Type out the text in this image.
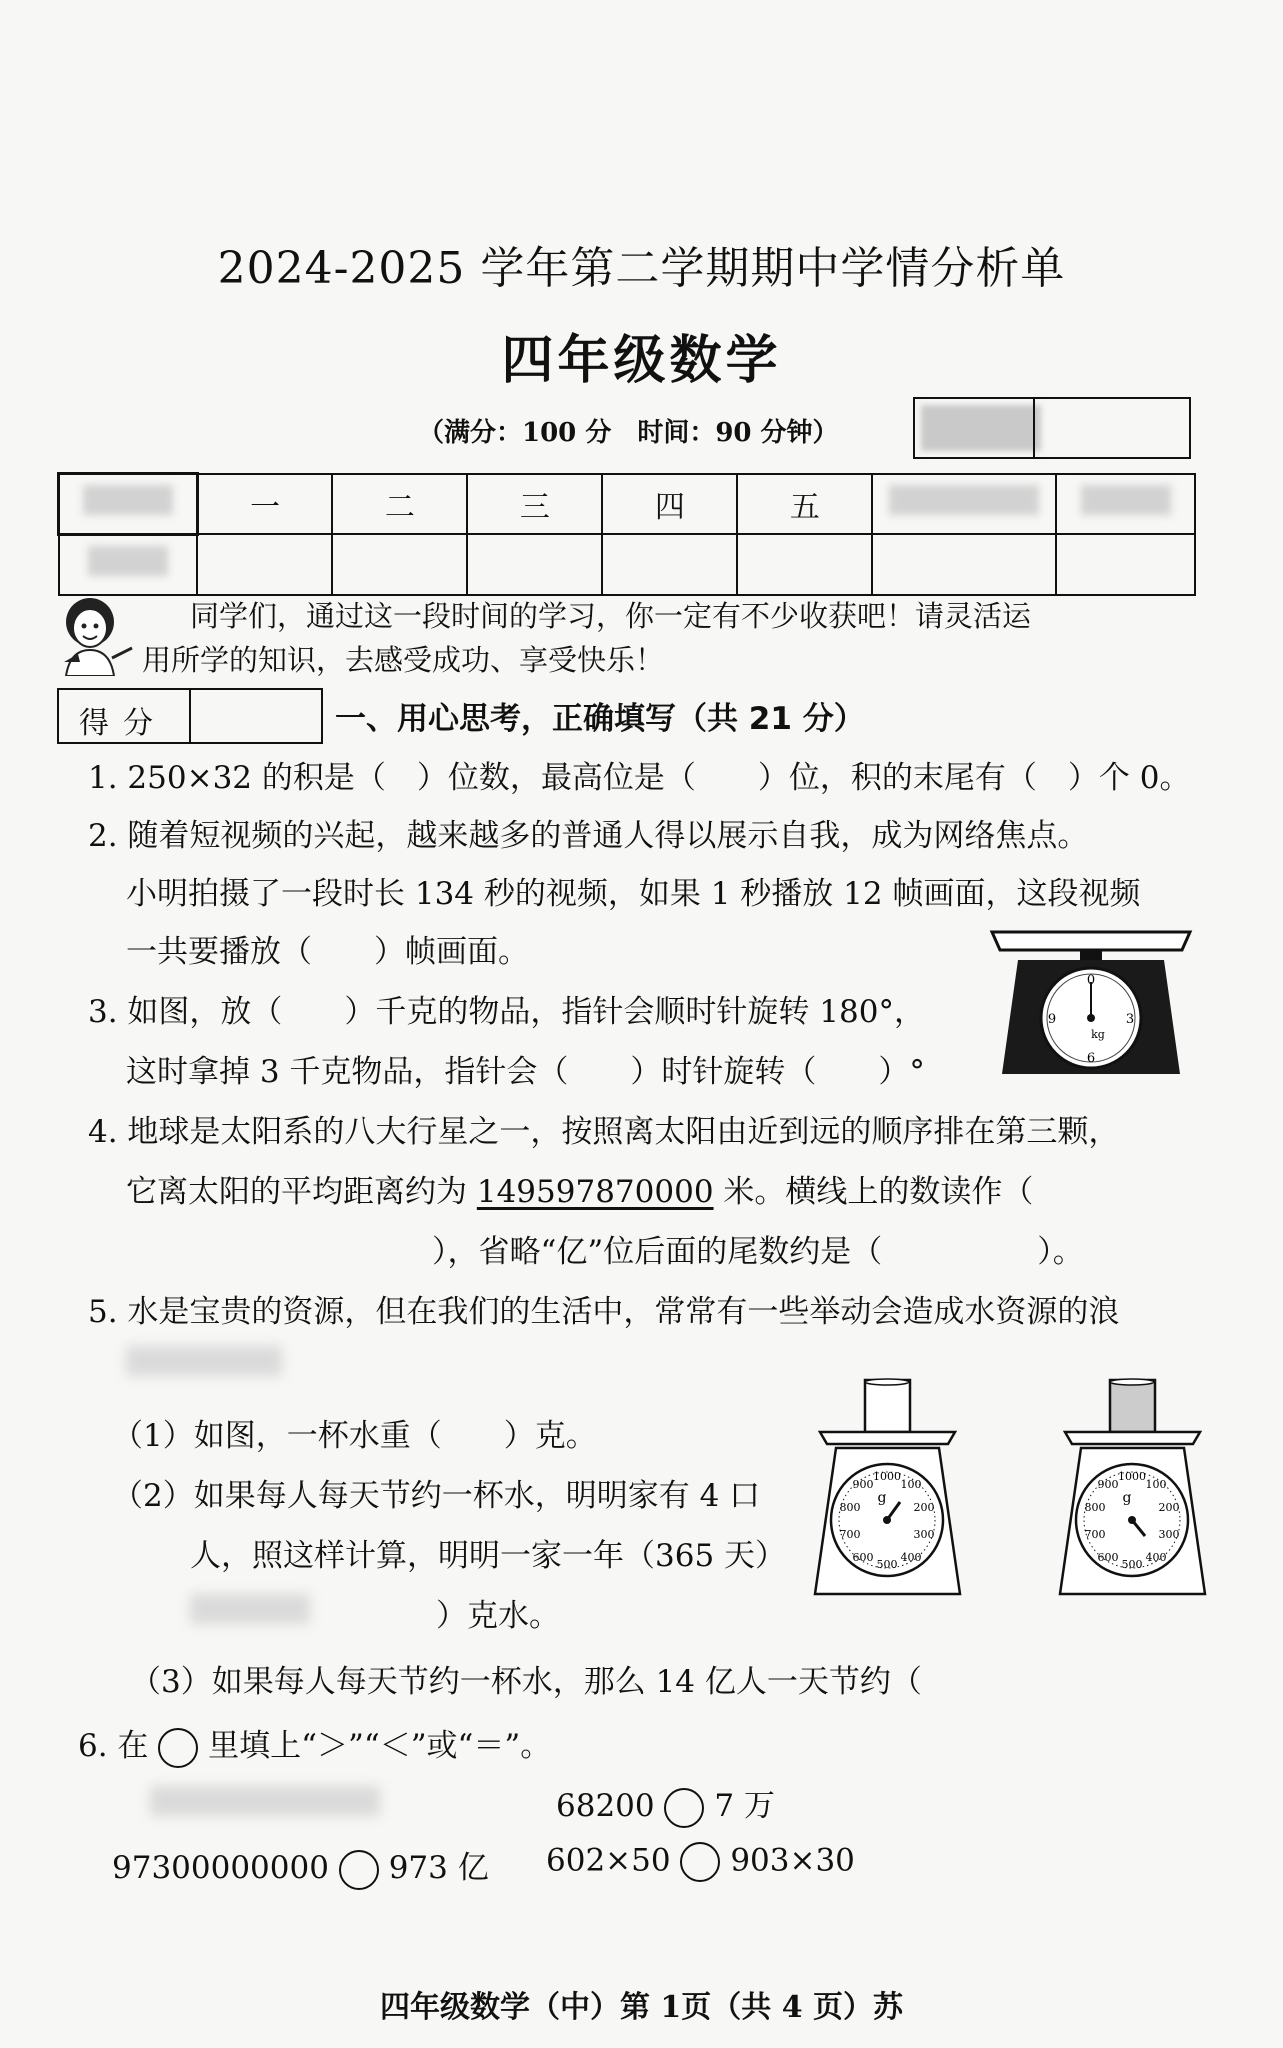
2024-2025 学年第二学期期中学情分析单
四年级数学
（满分：100 分　时间：90 分钟）
	一	二	三	四	五		

同学们，通过这一段时间的学习，你一定有不少收获吧！请灵活运
用所学的知识，去感受成功、享受快乐！
得分	一、用心思考，正确填写（共 21 分）
1. 250×32 的积是（　）位数，最高位是（　　）位，积的末尾有（　）个 0。
2. 随着短视频的兴起，越来越多的普通人得以展示自我，成为网络焦点。
小明拍摄了一段时长 134 秒的视频，如果 1 秒播放 12 帧画面，这段视频
一共要播放（　　）帧画面。
3. 如图，放（　　）千克的物品，指针会顺时针旋转 180°，
这时拿掉 3 千克物品，指针会（　　）时针旋转（　　）°
0
3
6
9
kg
4. 地球是太阳系的八大行星之一，按照离太阳由近到远的顺序排在第三颗，
它离太阳的平均距离约为 149597870000 米。横线上的数读作（
），省略“亿”位后面的尾数约是（　　　　　）。
5. 水是宝贵的资源，但在我们的生活中，常常有一些举动会造成水资源的浪
（1）如图，一杯水重（　　）克。
（2）如果每人每天节约一杯水，明明家有 4 口
人，照这样计算，明明一家一年（365 天）
）克水。
（3）如果每人每天节约一杯水，那么 14 亿人一天节约（
1000
100
200
300
400
500
600
700
800
900
g
1000
100
200
300
400
500
600
700
800
900
g
6. 在 里填上“＞”“＜”或“＝”。
68200 7 万
97300000000 973 亿 602×50 903×30
四年级数学（中）第 1页（共 4 页）苏
